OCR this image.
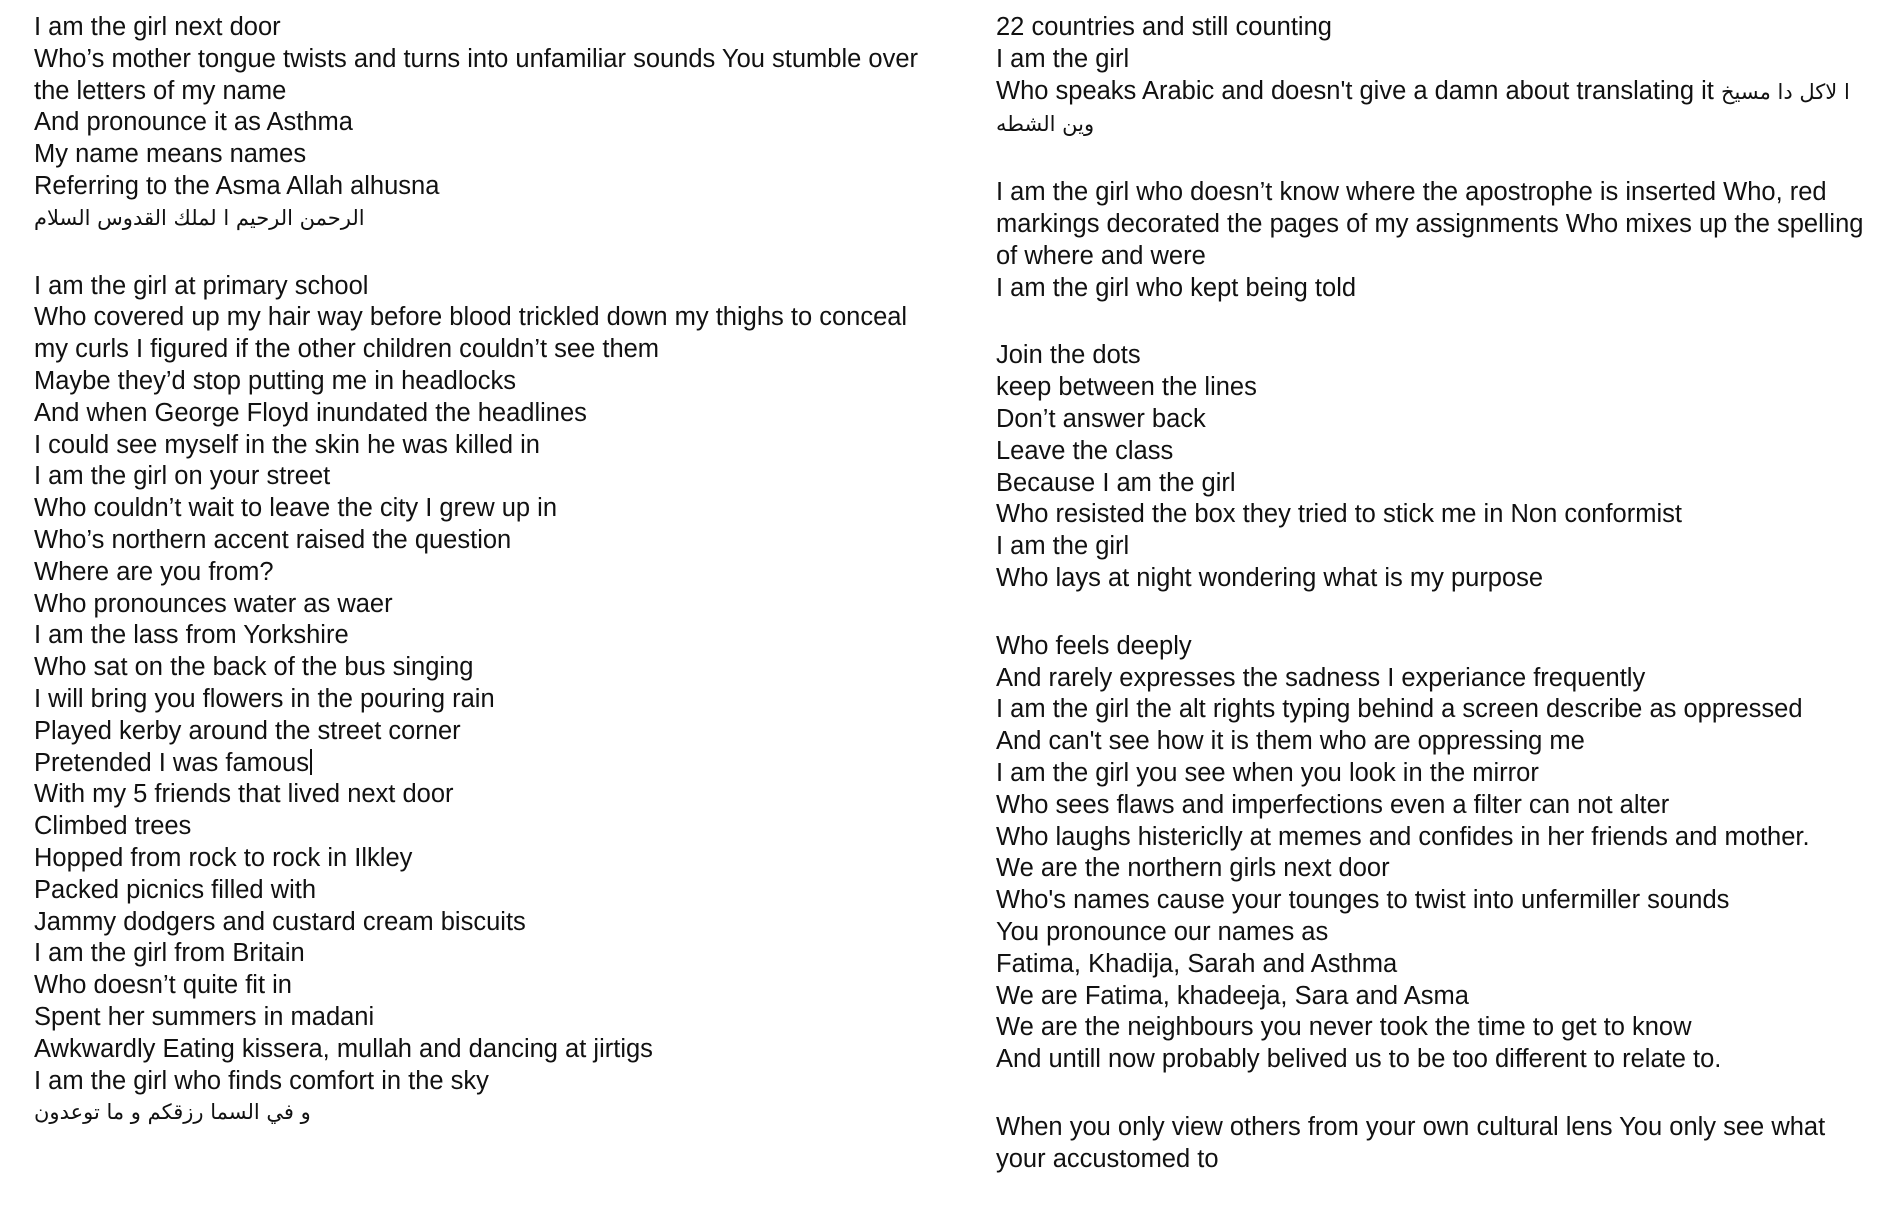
I am the girl next door
Who’s mother tongue twists and turns into unfamiliar sounds You stumble over the letters of my name
And pronounce it as Asthma
My name means names
Referring to the Asma Allah alhusna
الرحمن الرحيم ا لملك القدوس السلام
I am the girl at primary school
Who covered up my hair way before blood trickled down my thighs to conceal my curls I figured if the other children couldn’t see them
Maybe they’d stop putting me in headlocks
And when George Floyd inundated the headlines
I could see myself in the skin he was killed in
I am the girl on your street
Who couldn’t wait to leave the city I grew up in
Who’s northern accent raised the question
Where are you from?
Who pronounces water as waer
I am the lass from Yorkshire
Who sat on the back of the bus singing
I will bring you flowers in the pouring rain
Played kerby around the street corner
Pretended I was famous
With my 5 friends that lived next door
Climbed trees
Hopped from rock to rock in Ilkley
Packed picnics filled with
Jammy dodgers and custard cream biscuits
I am the girl from Britain
Who doesn’t quite fit in
Spent her summers in madani
Awkwardly Eating kissera, mullah and dancing at jirtigs
I am the girl who finds comfort in the sky
و في السما رزقكم و ما توعدون
22 countries and still counting
I am the girl
Who speaks Arabic and doesn't give a damn about translating it ا لاكل دا مسيخ وين الشطه
I am the girl who doesn’t know where the apostrophe is inserted Who, red markings decorated the pages of my assignments Who mixes up the spelling of where and were
I am the girl who kept being told
Join the dots
keep between the lines
Don’t answer back
Leave the class
Because I am the girl
Who resisted the box they tried to stick me in Non conformist
I am the girl
Who lays at night wondering what is my purpose
Who feels deeply
And rarely expresses the sadness I experiance frequently
I am the girl the alt rights typing behind a screen describe as oppressed
And can't see how it is them who are oppressing me
I am the girl you see when you look in the mirror
Who sees flaws and imperfections even a filter can not alter
Who laughs histericlly at memes and confides in her friends and mother.
We are the northern girls next door
Who's names cause your tounges to twist into unfermiller sounds
You pronounce our names as
Fatima, Khadija, Sarah and Asthma
We are Fatima, khadeeja, Sara and Asma
We are the neighbours you never took the time to get to know
And untill now probably belived us to be too different to relate to.
When you only view others from your own cultural lens You only see what your accustomed to
